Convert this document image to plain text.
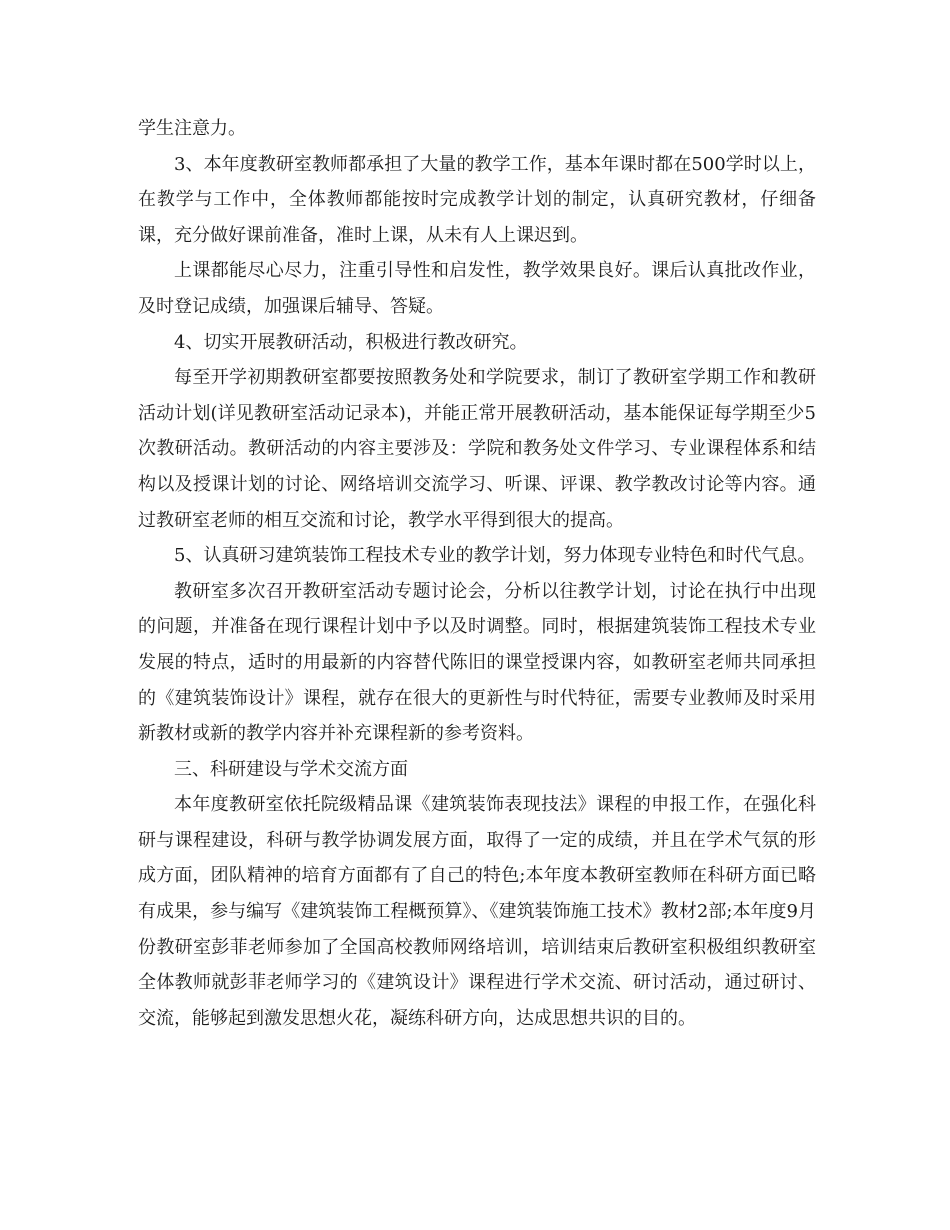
学生注意力。

3、本年度教研室教师都承担了大量的教学工作，基本年课时都在500学时以上，在教学与工作中，全体教师都能按时完成教学计划的制定，认真研究教材，仔细备课，充分做好课前准备，准时上课，从未有人上课迟到。

上课都能尽心尽力，注重引导性和启发性，教学效果良好。课后认真批改作业，及时登记成绩，加强课后辅导、答疑。

4、切实开展教研活动，积极进行教改研究。

每至开学初期教研室都要按照教务处和学院要求，制订了教研室学期工作和教研活动计划(详见教研室活动记录本)，并能正常开展教研活动，基本能保证每学期至少5次教研活动。教研活动的内容主要涉及：学院和教务处文件学习、专业课程体系和结构以及授课计划的讨论、网络培训交流学习、听课、评课、教学教改讨论等内容。通过教研室老师的相互交流和讨论，教学水平得到很大的提高。

5、认真研习建筑装饰工程技术专业的教学计划，努力体现专业特色和时代气息。

教研室多次召开教研室活动专题讨论会，分析以往教学计划，讨论在执行中出现的问题，并准备在现行课程计划中予以及时调整。同时，根据建筑装饰工程技术专业发展的特点，适时的用最新的内容替代陈旧的课堂授课内容，如教研室老师共同承担的《建筑装饰设计》课程，就存在很大的更新性与时代特征，需要专业教师及时采用新教材或新的教学内容并补充课程新的参考资料。

三、科研建设与学术交流方面

本年度教研室依托院级精品课《建筑装饰表现技法》课程的申报工作，在强化科研与课程建设，科研与教学协调发展方面，取得了一定的成绩，并且在学术气氛的形成方面，团队精神的培育方面都有了自己的特色;本年度本教研室教师在科研方面已略有成果，参与编写《建筑装饰工程概预算》、《建筑装饰施工技术》教材2部;本年度9月份教研室彭菲老师参加了全国高校教师网络培训，培训结束后教研室积极组织教研室全体教师就彭菲老师学习的《建筑设计》课程进行学术交流、研讨活动，通过研讨、交流，能够起到激发思想火花，凝练科研方向，达成思想共识的目的。
